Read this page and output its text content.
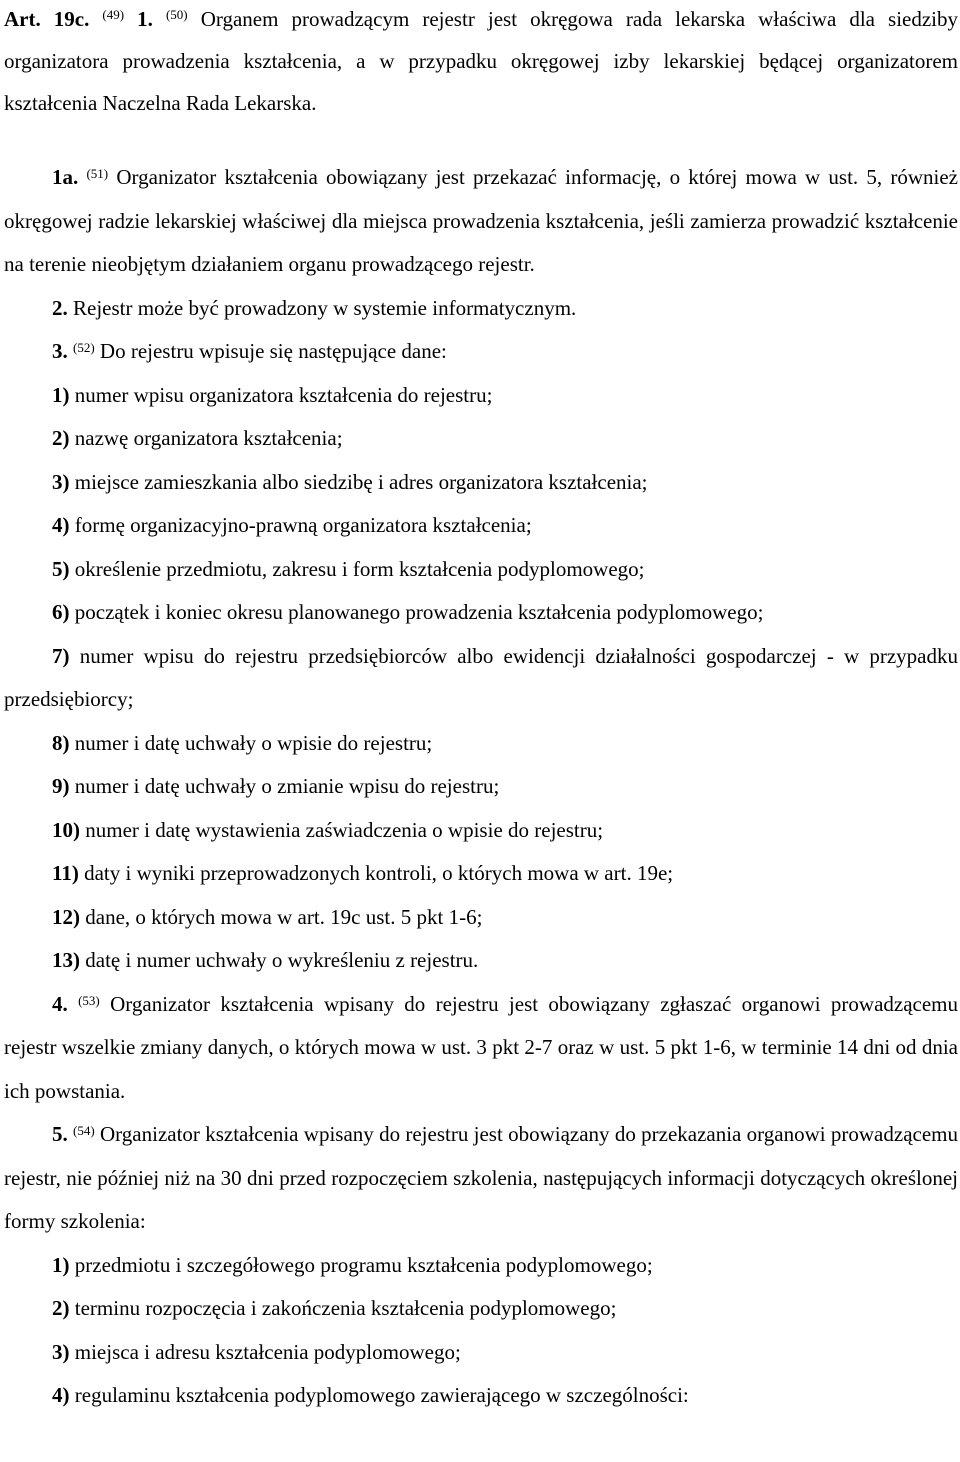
Art. 19c. $^{(49)}$ 1. $^{(50)}$ Organem prowadzącym rejestr jest okręgowa rada lekarska właściwa dla siedziby organizatora prowadzenia kształcenia, a w przypadku okręgowej izby lekarskiej będącej organizatorem kształcenia Naczelna Rada Lekarska.

1a. $^{(51)}$ Organizator kształcenia obowiązany jest przekazać informację, o której mowa w ust. 5, również okręgowej radzie lekarskiej właściwej dla miejsca prowadzenia kształcenia, jeśli zamierza prowadzić kształcenie na terenie nieobjętym działaniem organu prowadzącego rejestr.

2. Rejestr może być prowadzony w systemie informatycznym.

3. $^{(52)}$ Do rejestru wpisuje się następujące dane:

1) numer wpisu organizatora kształcenia do rejestru;

2) nazwę organizatora kształcenia;

3) miejsce zamieszkania albo siedzibę i adres organizatora kształcenia;

4) formę organizacyjno-prawną organizatora kształcenia;

5) określenie przedmiotu, zakresu i form kształcenia podyplomowego;

6) początek i koniec okresu planowanego prowadzenia kształcenia podyplomowego;

7) numer wpisu do rejestru przedsiębiorców albo ewidencji działalności gospodarczej - w przypadku przedsiębiorcy;

8) numer i datę uchwały o wpisie do rejestru;

9) numer i datę uchwały o zmianie wpisu do rejestru;

10) numer i datę wystawienia zaświadczenia o wpisie do rejestru;

11) daty i wyniki przeprowadzonych kontroli, o których mowa w art. 19e;

12) dane, o których mowa w art. 19c ust. 5 pkt 1-6;

13) datę i numer uchwały o wykreśleniu z rejestru.

4. $^{(53)}$ Organizator kształcenia wpisany do rejestru jest obowiązany zgłaszać organowi prowadzącemu rejestr wszelkie zmiany danych, o których mowa w ust. 3 pkt 2-7 oraz w ust. 5 pkt 1-6, w terminie 14 dni od dnia ich powstania.

5. $^{(54)}$ Organizator kształcenia wpisany do rejestru jest obowiązany do przekazania organowi prowadzącemu rejestr, nie później niż na 30 dni przed rozpoczęciem szkolenia, następujących informacji dotyczących określonej formy szkolenia:

1) przedmiotu i szczegółowego programu kształcenia podyplomowego;

2) terminu rozpoczęcia i zakończenia kształcenia podyplomowego;

3) miejsca i adresu kształcenia podyplomowego;

4) regulaminu kształcenia podyplomowego zawierającego w szczególności:
